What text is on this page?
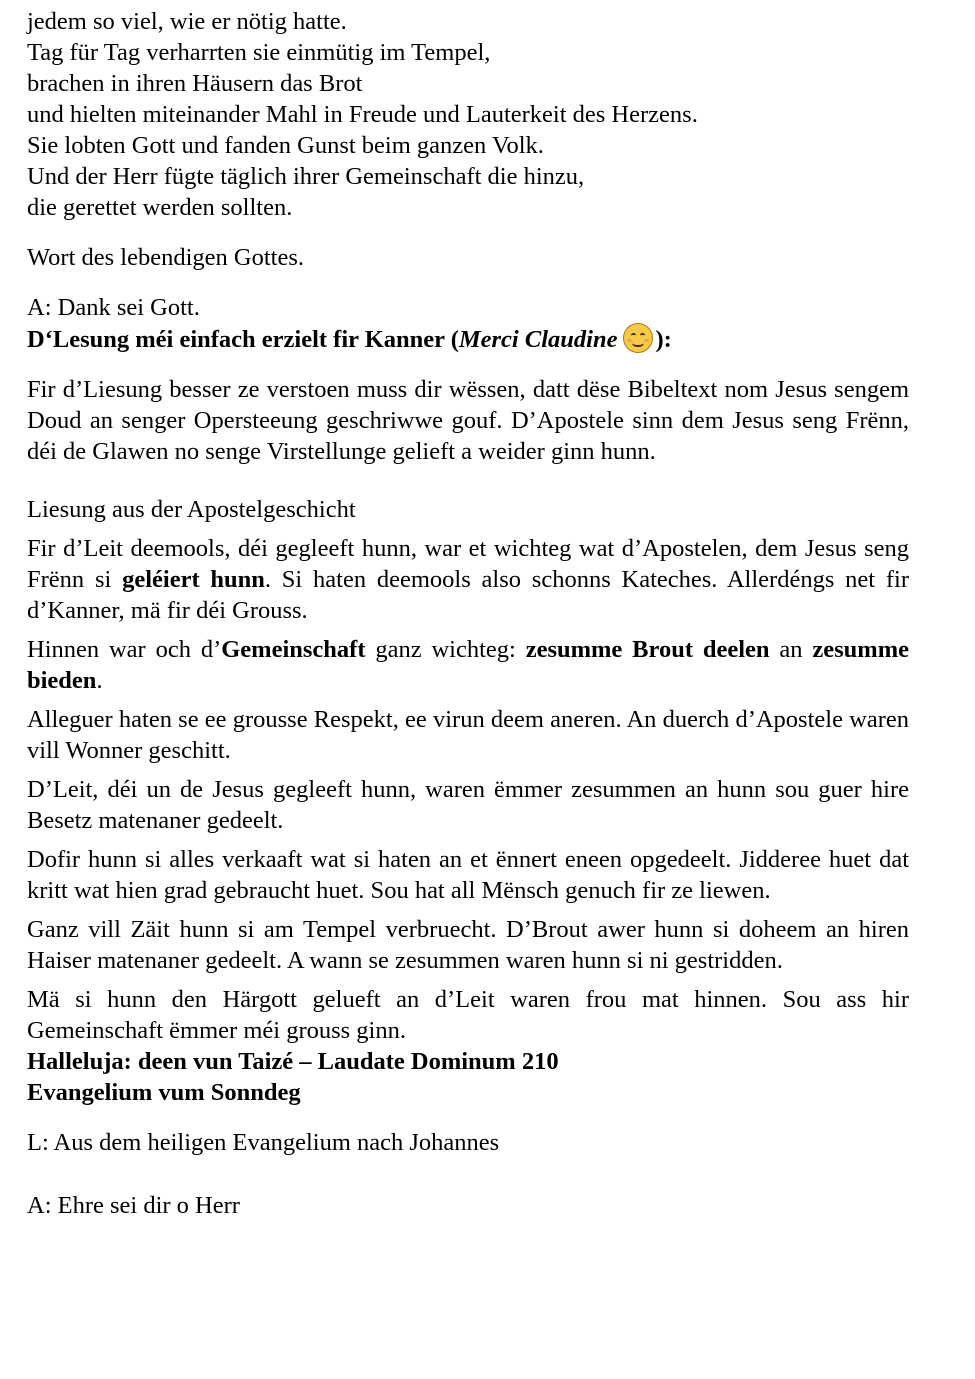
jedem so viel, wie er nötig hatte.

Tag für Tag verharrten sie einmütig im Tempel,

brachen in ihren Häusern das Brot

und hielten miteinander Mahl in Freude und Lauterkeit des Herzens.

Sie lobten Gott und fanden Gunst beim ganzen Volk.

Und der Herr fügte täglich ihrer Gemeinschaft die hinzu,

die gerettet werden sollten.

Wort des lebendigen Gottes.

A: Dank sei Gott.

D‘Lesung méi einfach erzielt fir Kanner (Merci Claudine ):

Fir d’Liesung besser ze verstoen muss dir wëssen, datt dëse Bibeltext nom Jesus sengem Doud an senger Opersteeung geschriwwe gouf. D’Apostele sinn dem Jesus seng Frënn, déi de Glawen no senge Virstellunge gelieft a weider ginn hunn.

Liesung aus der Apostelgeschicht

Fir d’Leit deemools, déi gegleeft hunn, war et wichteg wat d’Apostelen, dem Jesus seng Frënn si geléiert hunn. Si haten deemools also schonns Kateches. Allerdéngs net fir d’Kanner, mä fir déi Grouss.

Hinnen war och d’Gemeinschaft ganz wichteg: zesumme Brout deelen an zesumme bieden.

Alleguer haten se ee grousse Respekt, ee virun deem aneren. An duerch d’Apostele waren vill Wonner geschitt.

D’Leit, déi un de Jesus gegleeft hunn, waren ëmmer zesummen an hunn sou guer hire Besetz matenaner gedeelt.

Dofir hunn si alles verkaaft wat si haten an et ënnert eneen opgedeelt. Jidderee huet dat kritt wat hien grad gebraucht huet. Sou hat all Mënsch genuch fir ze liewen.

Ganz vill Zäit hunn si am Tempel verbruecht. D’Brout awer hunn si doheem an hiren Haiser matenaner gedeelt. A wann se zesummen waren hunn si ni gestridden.

Mä si hunn den Härgott gelueft an d’Leit waren frou mat hinnen. Sou ass hir Gemeinschaft ëmmer méi grouss ginn.

Halleluja: deen vun Taizé – Laudate Dominum 210

Evangelium vum Sonndeg

L: Aus dem heiligen Evangelium nach Johannes

A: Ehre sei dir o Herr
